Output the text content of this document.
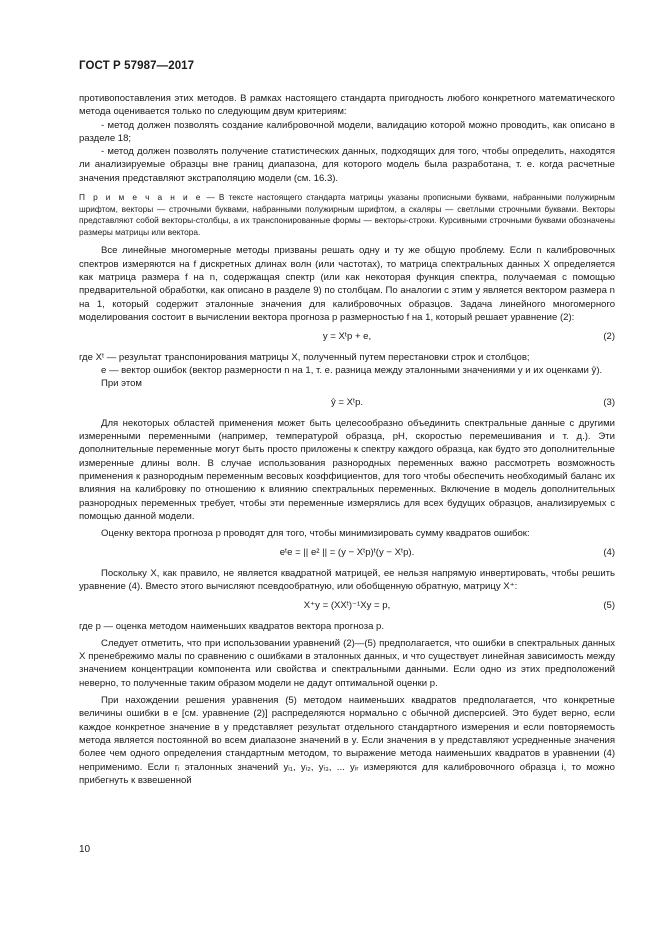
ГОСТ Р 57987—2017

противопоставления этих методов. В рамках настоящего стандарта пригодность любого конкретного математического метода оценивается только по следующим двум критериям:

- метод должен позволять создание калибровочной модели, валидацию которой можно проводить, как описано в разделе 18;

- метод должен позволять получение статистических данных, подходящих для того, чтобы определить, находятся ли анализируемые образцы вне границ диапазона, для которого модель была разработана, т. е. когда расчетные значения представляют экстраполяцию модели (см. 16.3).

П р и м е ч а н и е — В тексте настоящего стандарта матрицы указаны прописными буквами, набранными полужирным шрифтом, векторы — строчными буквами, набранными полужирным шрифтом, а скаляры — светлыми строчными буквами. Векторы представляют собой векторы-столбцы, а их транспонированные формы — векторы-строки. Курсивными строчными буквами обозначены размеры матрицы или вектора.

Все линейные многомерные методы призваны решать одну и ту же общую проблему. Если n калибровочных спектров измеряются на f дискретных длинах волн (или частотах), то матрица спектральных данных X определяется как матрица размера f на n, содержащая спектр (или как некоторая функция спектра, получаемая с помощью предварительной обработки, как описано в разделе 9) по столбцам. По аналогии с этим y является вектором размера n на 1, который содержит эталонные значения для калибровочных образцов. Задача линейного многомерного моделирования состоит в вычислении вектора прогноза p размерностью f на 1, который решает уравнение (2):

y = Xᵗp + e,	(2)

где Xᵗ — результат транспонирования матрицы X, полученный путем перестановки строк и столбцов;

e — вектор ошибок (вектор размерности n на 1, т. е. разница между эталонными значениями y и их оценками ŷ).

При этом

ŷ = Xᵗp.	(3)

Для некоторых областей применения может быть целесообразно объединить спектральные данные с другими измеренными переменными (например, температурой образца, pH, скоростью перемешивания и т. д.). Эти дополнительные переменные могут быть просто приложены к спектру каждого образца, как будто это дополнительные измеренные длины волн. В случае использования разнородных переменных важно рассмотреть возможность применения к разнородным переменным весовых коэффициентов, для того чтобы обеспечить необходимый баланс их влияния на калибровку по отношению к влиянию спектральных переменных. Включение в модель дополнительных разнородных переменных требует, чтобы эти переменные измерялись для всех будущих образцов, анализируемых с помощью данной модели.

Оценку вектора прогноза p проводят для того, чтобы минимизировать сумму квадратов ошибок:

eᵗe = || e² || = (y − Xᵗp)ᵗ(y − Xᵗp).	(4)

Поскольку X, как правило, не является квадратной матрицей, ее нельзя напрямую инвертировать, чтобы решить уравнение (4). Вместо этого вычисляют псевдообратную, или обобщенную обратную, матрицу X⁺:

X⁺y = (XXᵗ)⁻¹Xy = p,	(5)

где p — оценка методом наименьших квадратов вектора прогноза p.

Следует отметить, что при использовании уравнений (2)—(5) предполагается, что ошибки в спектральных данных X пренебрежимо малы по сравнению с ошибками в эталонных данных, и что существует линейная зависимость между значением концентрации компонента или свойства и спектральными данными. Если одно из этих предположений неверно, то полученные таким образом модели не дадут оптимальной оценки p.

При нахождении решения уравнения (5) методом наименьших квадратов предполагается, что конкретные величины ошибки в e [см. уравнение (2)] распределяются нормально с обычной дисперсией. Это будет верно, если каждое конкретное значение в y представляет результат отдельного стандартного измерения и если повторяемость метода является постоянной во всем диапазоне значений в y. Если значения в y представляют усредненные значения более чем одного определения стандартным методом, то выражение метода наименьших квадратов в уравнении (4) неприменимо. Если rᵢ эталонных значений yᵢ₁, yᵢ₂, yᵢ₃, ... yᵢᵣ измеряются для калибровочного образца i, то можно прибегнуть к взвешенной

10
